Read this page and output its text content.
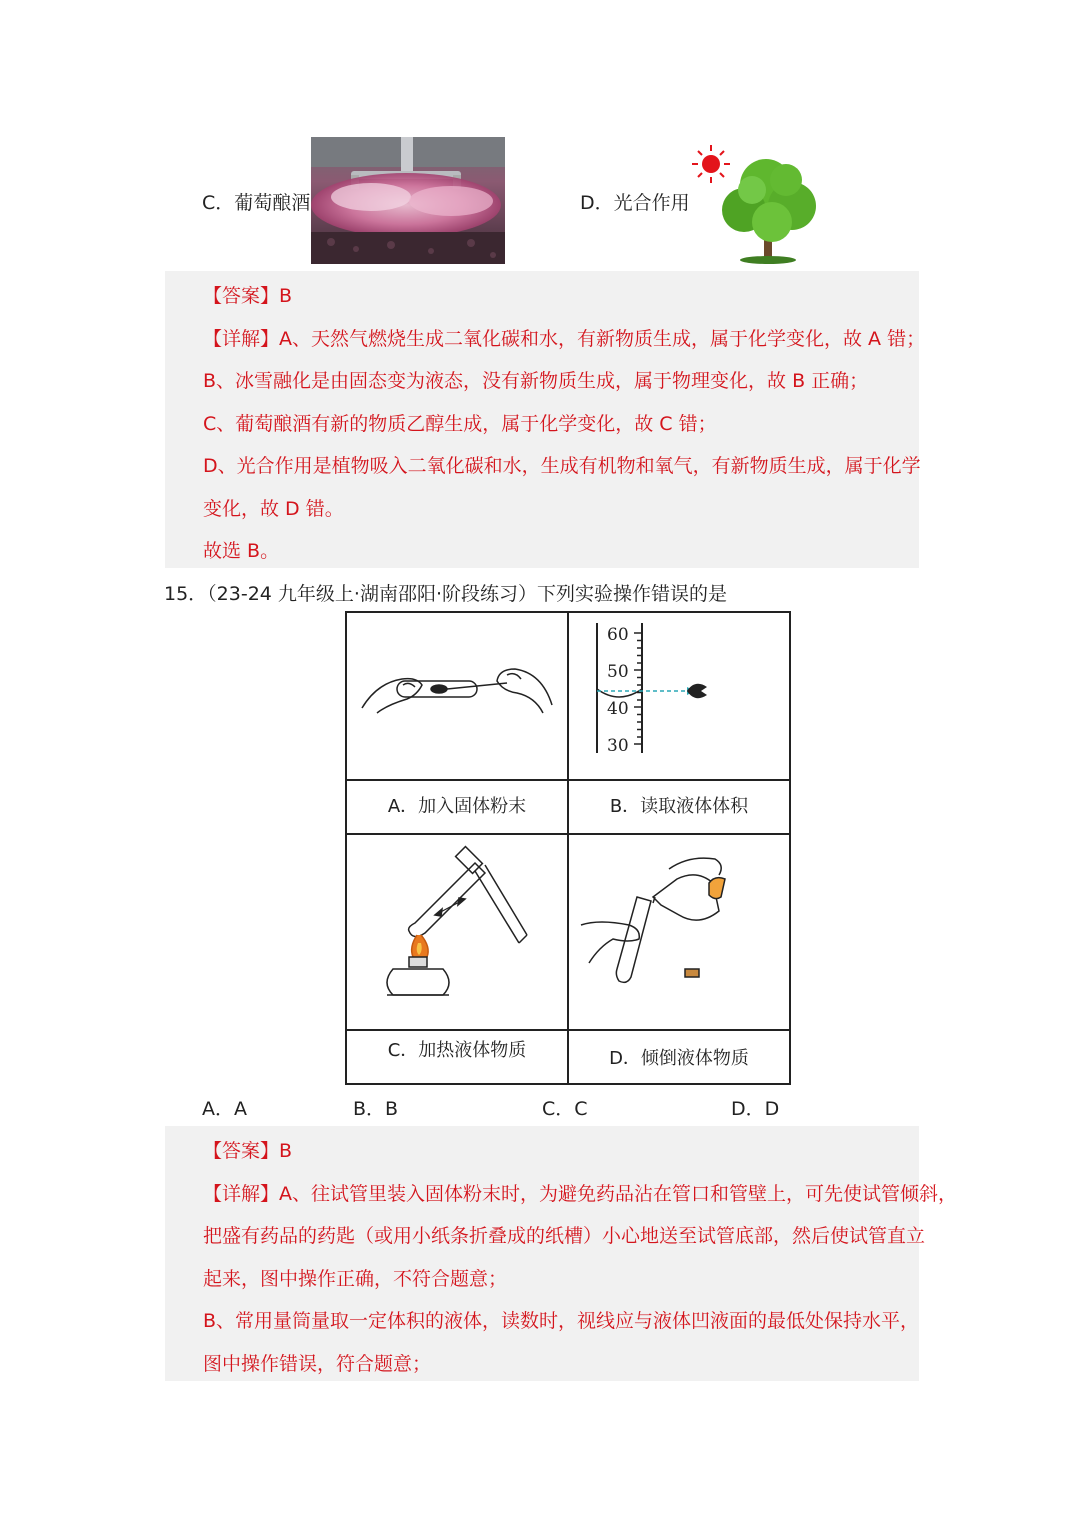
C．葡萄酿酒	D．光合作用
【答案】B
【详解】A、天然气燃烧生成二氧化碳和水，有新物质生成，属于化学变化，故 A 错；
B、冰雪融化是由固态变为液态，没有新物质生成，属于物理变化，故 B 正确；
C、葡萄酿酒有新的物质乙醇生成，属于化学变化，故 C 错；
D、光合作用是植物吸入二氧化碳和水，生成有机物和氧气，有新物质生成，属于化学
变化，故 D 错。
故选 B。
15．（23-24 九年级上·湖南邵阳·阶段练习）下列实验操作错误的是

60
50
40
30

A．加入固体粉末	B．读取液体体积

C．加热液体物质	D．倾倒液体物质
A．A	B．B	C．C	D．D
【答案】B
【详解】A、往试管里装入固体粉末时，为避免药品沾在管口和管壁上，可先使试管倾斜，
把盛有药品的药匙（或用小纸条折叠成的纸槽）小心地送至试管底部，然后使试管直立
起来，图中操作正确，不符合题意；
B、常用量筒量取一定体积的液体，读数时，视线应与液体凹液面的最低处保持水平，
图中操作错误，符合题意；
